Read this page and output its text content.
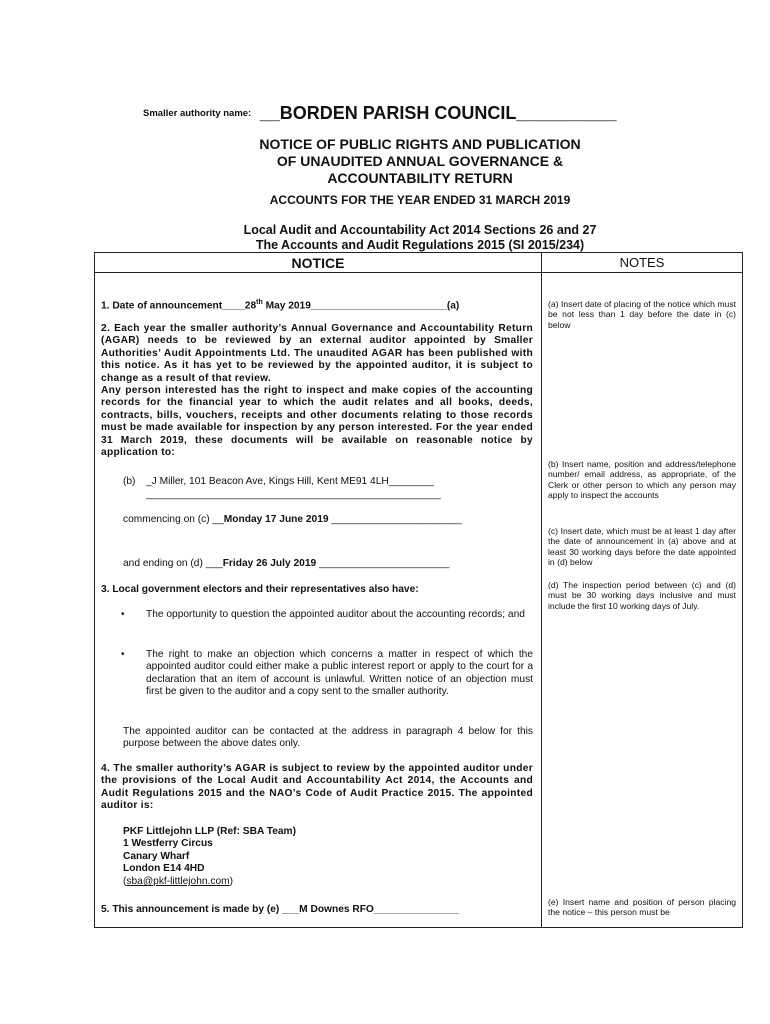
Smaller authority name: __BORDEN PARISH COUNCIL__________
NOTICE OF PUBLIC RIGHTS AND PUBLICATION
OF UNAUDITED ANNUAL GOVERNANCE &
ACCOUNTABILITY RETURN
ACCOUNTS FOR THE YEAR ENDED 31 MARCH 2019
Local Audit and Accountability Act 2014 Sections 26 and 27
The Accounts and Audit Regulations 2015 (SI 2015/234)
NOTICE	NOTES
1. Date of announcement____28th May 2019________________________(a)
2. Each year the smaller authority’s Annual Governance and Accountability Return (AGAR) needs to be reviewed by an external auditor appointed by Smaller Authorities’ Audit Appointments Ltd. The unaudited AGAR has been published with this notice. As it has yet to be reviewed by the appointed auditor, it is subject to change as a result of that review.
Any person interested has the right to inspect and make copies of the accounting records for the financial year to which the audit relates and all books, deeds, contracts, bills, vouchers, receipts and other documents relating to those records must be made available for inspection by any person interested. For the year ended 31 March 2019, these documents will be available on reasonable notice by application to:
(b) _J Miller, 101 Beacon Ave, Kings Hill, Kent ME91 4LH________
____________________________________________________
commencing on (c) __Monday 17 June 2019 _______________________
and ending on (d) ___Friday 26 July 2019 _______________________
3. Local government electors and their representatives also have:
• The opportunity to question the appointed auditor about the accounting records; and
• The right to make an objection which concerns a matter in respect of which the appointed auditor could either make a public interest report or apply to the court for a declaration that an item of account is unlawful. Written notice of an objection must first be given to the auditor and a copy sent to the smaller authority.
The appointed auditor can be contacted at the address in paragraph 4 below for this purpose between the above dates only.
4. The smaller authority’s AGAR is subject to review by the appointed auditor under the provisions of the Local Audit and Accountability Act 2014, the Accounts and Audit Regulations 2015 and the NAO’s Code of Audit Practice 2015. The appointed auditor is:
PKF Littlejohn LLP (Ref: SBA Team)
1 Westferry Circus
Canary Wharf
London E14 4HD
(sba@pkf-littlejohn.com)
5. This announcement is made by (e) ___M Downes RFO_______________
(a) Insert date of placing of the notice which must be not less than 1 day before the date in (c) below
(b) Insert name, position and address/telephone number/ email address, as appropriate, of the Clerk or other person to which any person may apply to inspect the accounts
(c) Insert date, which must be at least 1 day after the date of announcement in (a) above and at least 30 working days before the date appointed in (d) below
(d) The inspection period between (c) and (d) must be 30 working days inclusive and must include the first 10 working days of July.
(e) Insert name and position of person placing the notice – this person must be
